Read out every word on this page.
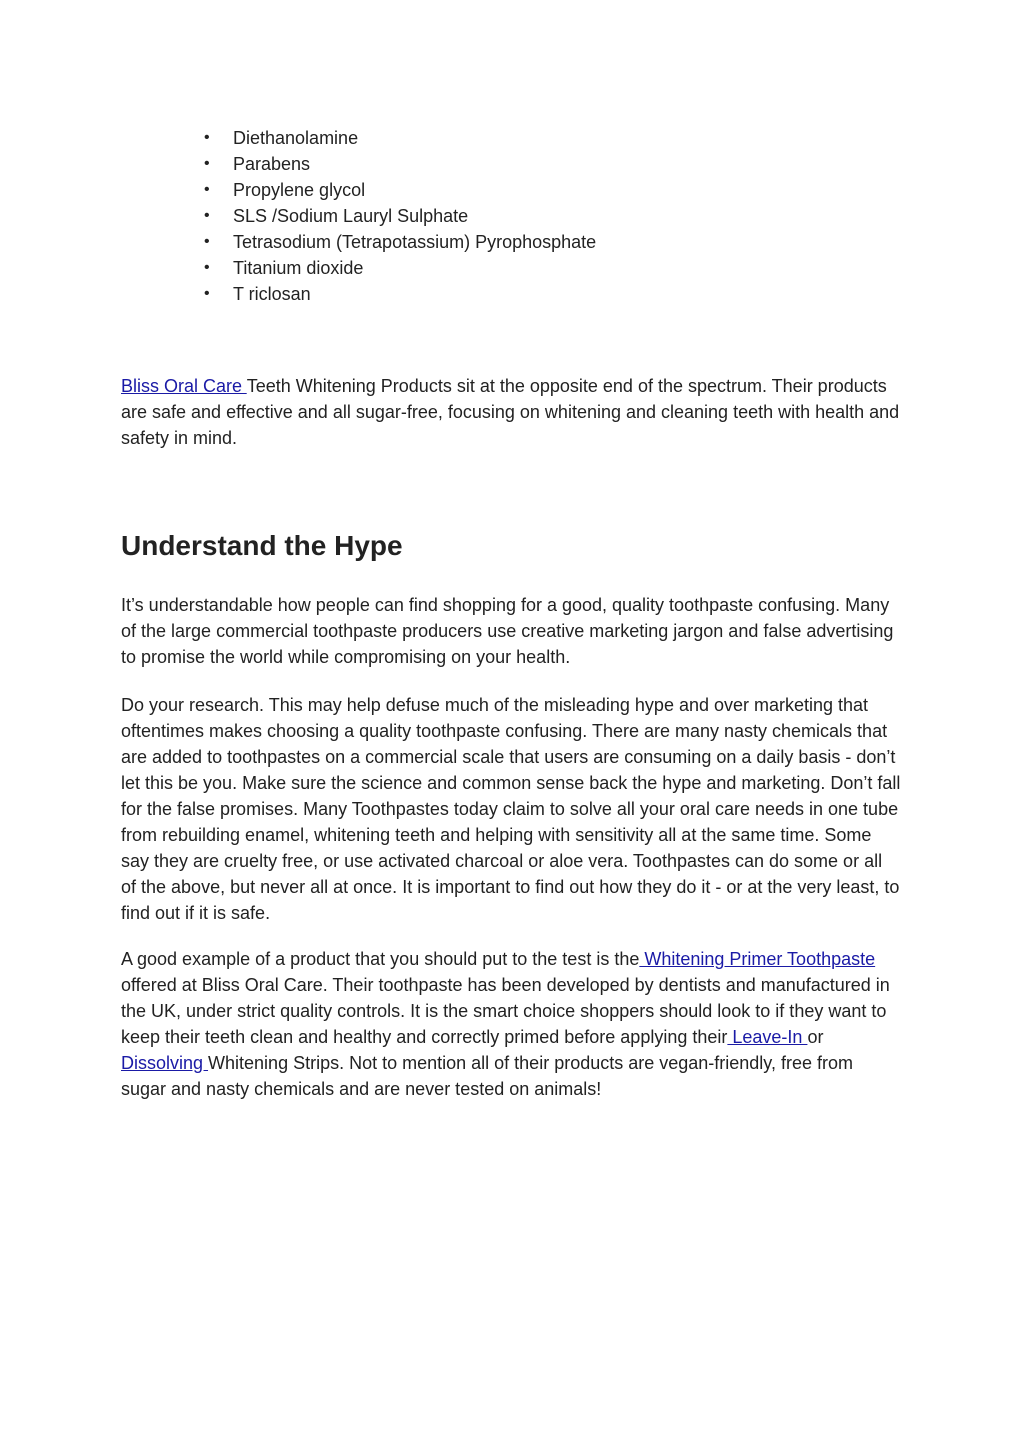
• Diethanolamine
• Parabens
• Propylene glycol
• SLS /Sodium Lauryl Sulphate
• Tetrasodium (Tetrapotassium) Pyrophosphate
• Titanium dioxide
• T riclosan

Bliss Oral Care Teeth Whitening Products sit at the opposite end of the spectrum. Their products are safe and effective and all sugar-free, focusing on whitening and cleaning teeth with health and safety in mind.

Understand the Hype

It’s understandable how people can find shopping for a good, quality toothpaste confusing. Many of the large commercial toothpaste producers use creative marketing jargon and false advertising to promise the world while compromising on your health.

Do your research. This may help defuse much of the misleading hype and over marketing that oftentimes makes choosing a quality toothpaste confusing. There are many nasty chemicals that are added to toothpastes on a commercial scale that users are consuming on a daily basis - don’t let this be you. Make sure the science and common sense back the hype and marketing. Don’t fall for the false promises. Many Toothpastes today claim to solve all your oral care needs in one tube from rebuilding enamel, whitening teeth and helping with sensitivity all at the same time. Some say they are cruelty free, or use activated charcoal or aloe vera. Toothpastes can do some or all of the above, but never all at once. It is important to find out how they do it - or at the very least, to find out if it is safe.

A good example of a product that you should put to the test is the Whitening Primer Toothpaste offered at Bliss Oral Care. Their toothpaste has been developed by dentists and manufactured in the UK, under strict quality controls. It is the smart choice shoppers should look to if they want to keep their teeth clean and healthy and correctly primed before applying their Leave-In or Dissolving Whitening Strips. Not to mention all of their products are vegan-friendly, free from sugar and nasty chemicals and are never tested on animals!
